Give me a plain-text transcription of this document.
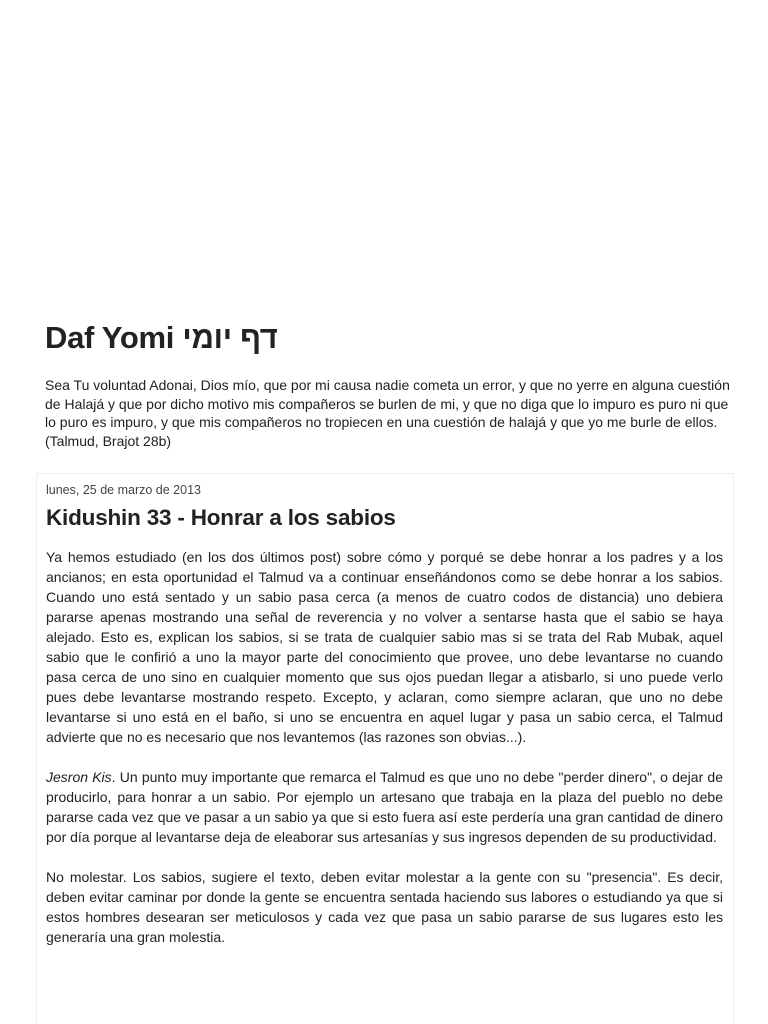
Daf Yomi דף יומי

Sea Tu voluntad Adonai, Dios mío, que por mi causa nadie cometa un error, y que no yerre en alguna cuestión de Halajá y que por dicho motivo mis compañeros se burlen de mi, y que no diga que lo impuro es puro ni que lo puro es impuro, y que mis compañeros no tropiecen en una cuestión de halajá y que yo me burle de ellos. (Talmud, Brajot 28b)

lunes, 25 de marzo de 2013
Kidushin 33 - Honrar a los sabios

Ya hemos estudiado (en los dos últimos post) sobre cómo y porqué se debe honrar a los padres y a los ancianos; en esta oportunidad el Talmud va a continuar enseñándonos como se debe honrar a los sabios. Cuando uno está sentado y un sabio pasa cerca (a menos de cuatro codos de distancia) uno debiera pararse apenas mostrando una señal de reverencia y no volver a sentarse hasta que el sabio se haya alejado. Esto es, explican los sabios, si se trata de cualquier sabio mas si se trata del Rab Mubak, aquel sabio que le confirió a uno la mayor parte del conocimiento que provee, uno debe levantarse no cuando pasa cerca de uno sino en cualquier momento que sus ojos puedan llegar a atisbarlo, si uno puede verlo pues debe levantarse mostrando respeto. Excepto, y aclaran, como siempre aclaran, que uno no debe levantarse si uno está en el baño, si uno se encuentra en aquel lugar y pasa un sabio cerca, el Talmud advierte que no es necesario que nos levantemos (las razones son obvias...).

Jesron Kis. Un punto muy importante que remarca el Talmud es que uno no debe "perder dinero", o dejar de producirlo, para honrar a un sabio. Por ejemplo un artesano que trabaja en la plaza del pueblo no debe pararse cada vez que ve pasar a un sabio ya que si esto fuera así este perdería una gran cantidad de dinero por día porque al levantarse deja de eleaborar sus artesanías y sus ingresos dependen de su productividad.

No molestar. Los sabios, sugiere el texto, deben evitar molestar a la gente con su "presencia". Es decir, deben evitar caminar por donde la gente se encuentra sentada haciendo sus labores o estudiando ya que si estos hombres desearan ser meticulosos y cada vez que pasa un sabio pararse de sus lugares esto les generaría una gran molestia.
